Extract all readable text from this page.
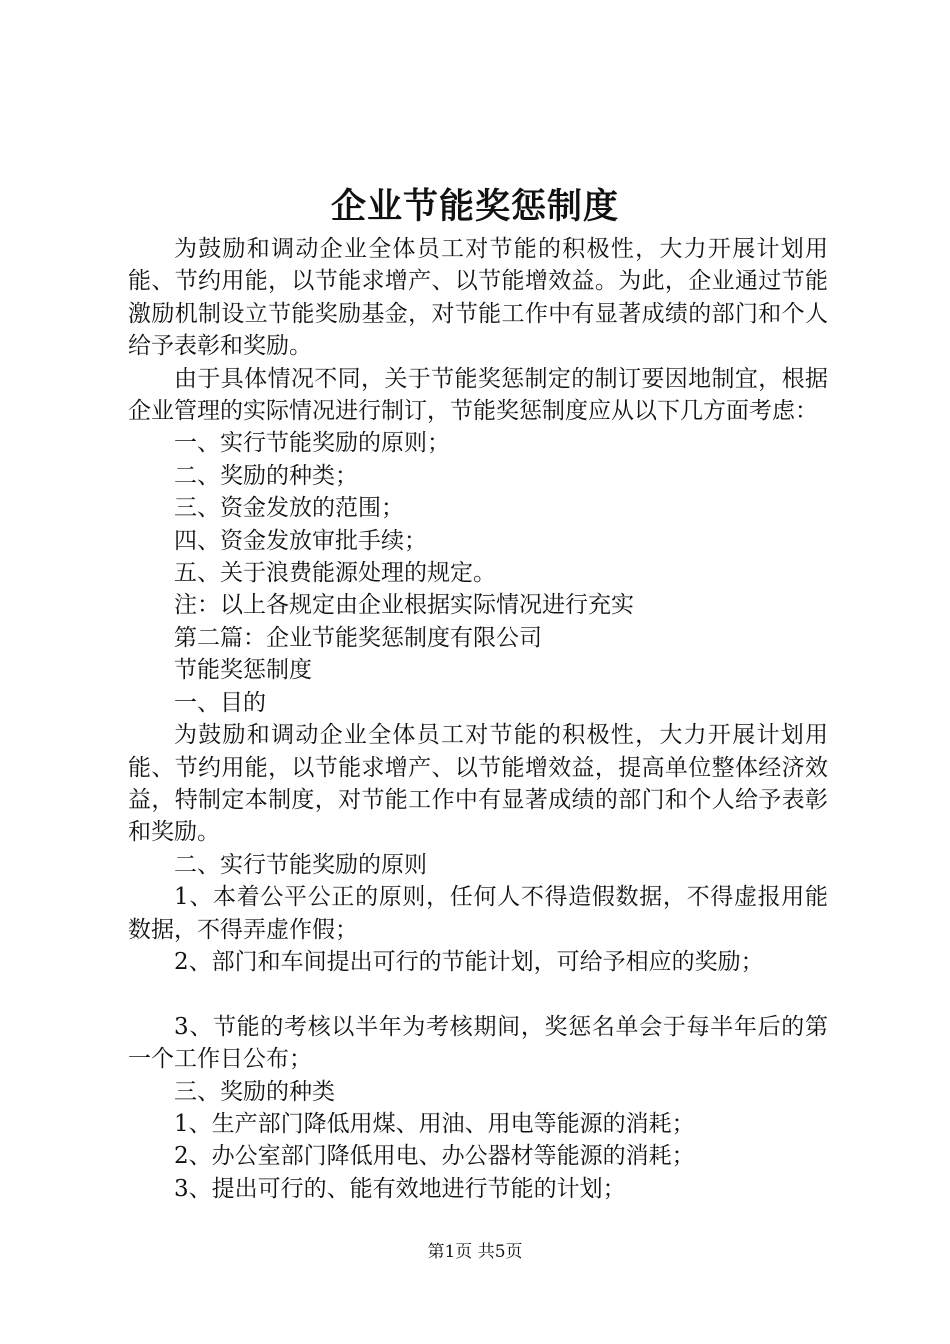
企业节能奖惩制度

为鼓励和调动企业全体员工对节能的积极性，大力开展计划用能、节约用能，以节能求增产、以节能增效益。为此，企业通过节能激励机制设立节能奖励基金，对节能工作中有显著成绩的部门和个人给予表彰和奖励。

由于具体情况不同，关于节能奖惩制定的制订要因地制宜，根据企业管理的实际情况进行制订，节能奖惩制度应从以下几方面考虑：

一、实行节能奖励的原则；

二、奖励的种类；

三、资金发放的范围；

四、资金发放审批手续；

五、关于浪费能源处理的规定。

注：以上各规定由企业根据实际情况进行充实

第二篇：企业节能奖惩制度有限公司

节能奖惩制度

一、目的

为鼓励和调动企业全体员工对节能的积极性，大力开展计划用能、节约用能，以节能求增产、以节能增效益，提高单位整体经济效益，特制定本制度，对节能工作中有显著成绩的部门和个人给予表彰和奖励。

二、实行节能奖励的原则

1、本着公平公正的原则，任何人不得造假数据，不得虚报用能数据，不得弄虚作假；

2、部门和车间提出可行的节能计划，可给予相应的奖励；

3、节能的考核以半年为考核期间，奖惩名单会于每半年后的第一个工作日公布；

三、奖励的种类

1、生产部门降低用煤、用油、用电等能源的消耗；

2、办公室部门降低用电、办公器材等能源的消耗；

3、提出可行的、能有效地进行节能的计划；

第1页 共5页
